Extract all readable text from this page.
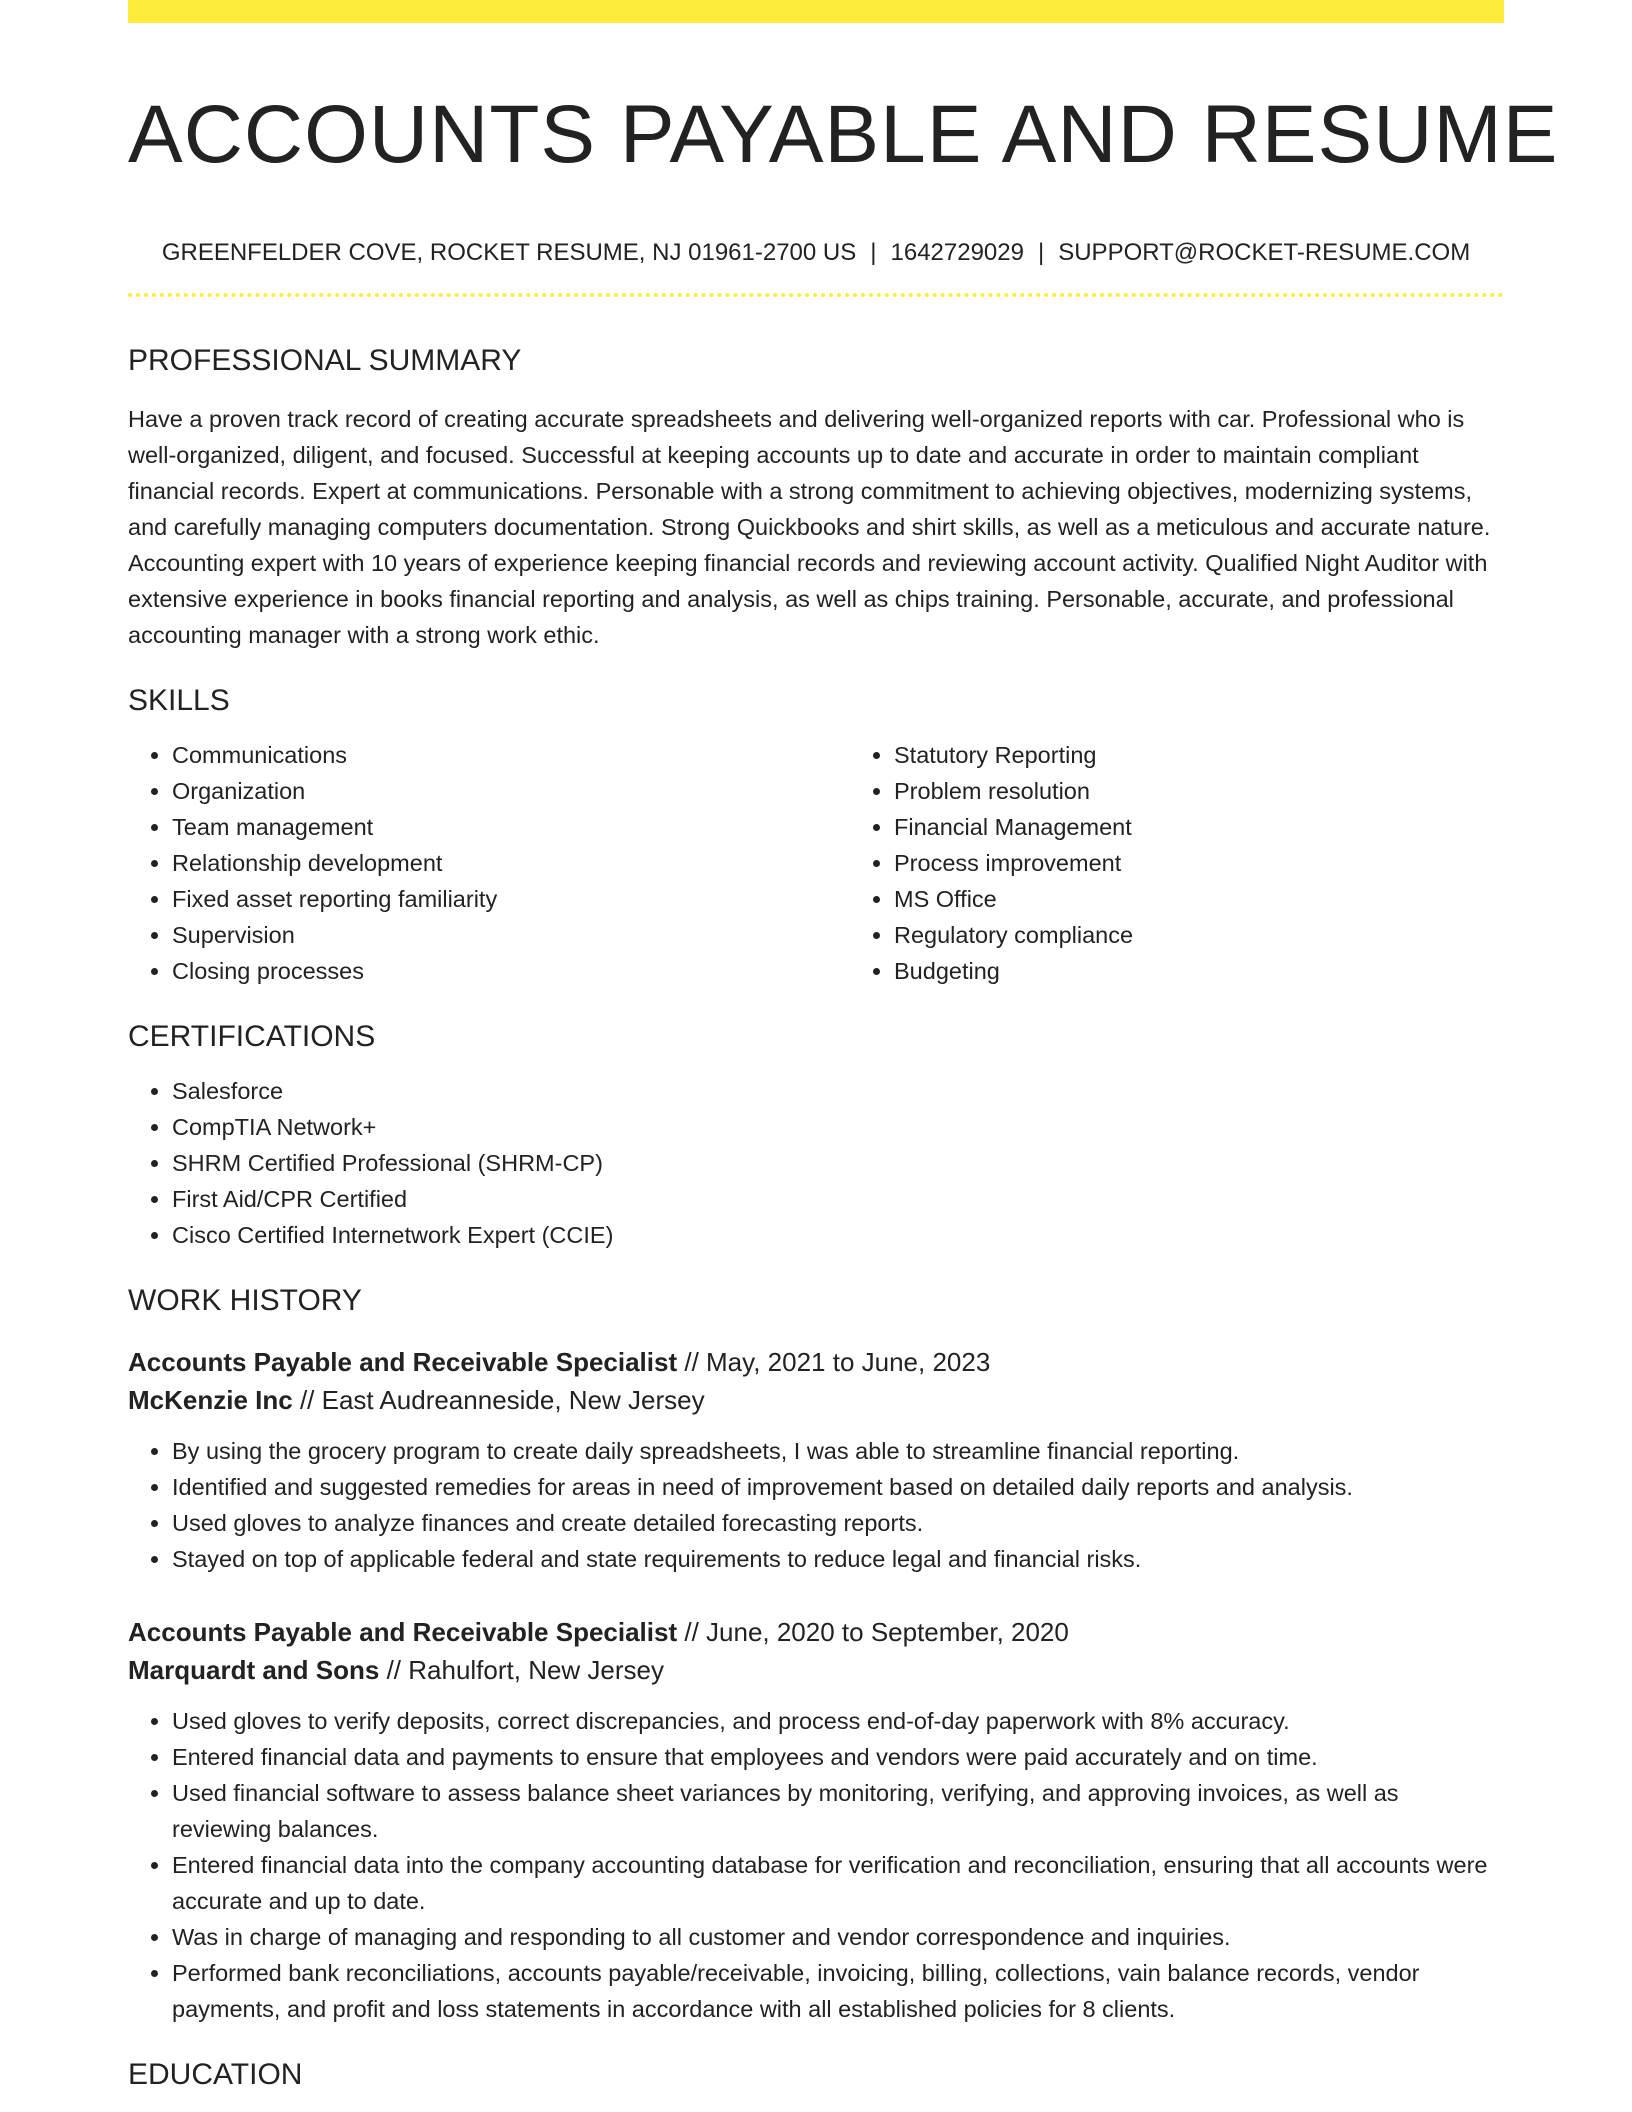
ACCOUNTS PAYABLE AND RESUME
GREENFELDER COVE, ROCKET RESUME, NJ 01961-2700 US | 1642729029 | SUPPORT@ROCKET-RESUME.COM
PROFESSIONAL SUMMARY

Have a proven track record of creating accurate spreadsheets and delivering well-organized reports with car. Professional who is well-organized, diligent, and focused. Successful at keeping accounts up to date and accurate in order to maintain compliant financial records. Expert at communications. Personable with a strong commitment to achieving objectives, modernizing systems, and carefully managing computers documentation. Strong Quickbooks and shirt skills, as well as a meticulous and accurate nature. Accounting expert with 10 years of experience keeping financial records and reviewing account activity. Qualified Night Auditor with extensive experience in books financial reporting and analysis, as well as chips training. Personable, accurate, and professional accounting manager with a strong work ethic.

SKILLS
• Communications
• Organization
• Team management
• Relationship development
• Fixed asset reporting familiarity
• Supervision
• Closing processes
• Statutory Reporting
• Problem resolution
• Financial Management
• Process improvement
• MS Office
• Regulatory compliance
• Budgeting
CERTIFICATIONS
• Salesforce
• CompTIA Network+
• SHRM Certified Professional (SHRM-CP)
• First Aid/CPR Certified
• Cisco Certified Internetwork Expert (CCIE)
WORK HISTORY
Accounts Payable and Receivable Specialist // May, 2021 to June, 2023
McKenzie Inc // East Audreanneside, New Jersey
• By using the grocery program to create daily spreadsheets, I was able to streamline financial reporting.
• Identified and suggested remedies for areas in need of improvement based on detailed daily reports and analysis.
• Used gloves to analyze finances and create detailed forecasting reports.
• Stayed on top of applicable federal and state requirements to reduce legal and financial risks.
Accounts Payable and Receivable Specialist // June, 2020 to September, 2020
Marquardt and Sons // Rahulfort, New Jersey
• Used gloves to verify deposits, correct discrepancies, and process end-of-day paperwork with 8% accuracy.
• Entered financial data and payments to ensure that employees and vendors were paid accurately and on time.
• Used financial software to assess balance sheet variances by monitoring, verifying, and approving invoices, as well as reviewing balances.
• Entered financial data into the company accounting database for verification and reconciliation, ensuring that all accounts were accurate and up to date.
• Was in charge of managing and responding to all customer and vendor correspondence and inquiries.
• Performed bank reconciliations, accounts payable/receivable, invoicing, billing, collections, vain balance records, vendor payments, and profit and loss statements in accordance with all established policies for 8 clients.
EDUCATION
